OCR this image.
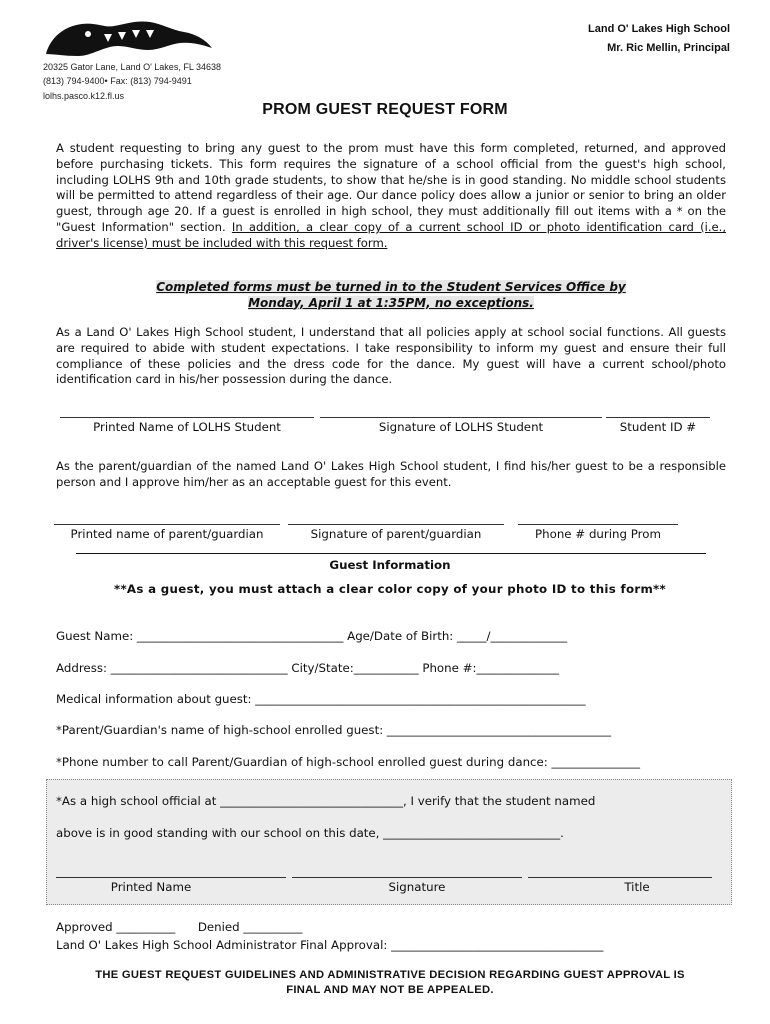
20325 Gator Lane, Land O' Lakes, FL 34638
(813) 794-9400• Fax: (813) 794-9491
lolhs.pasco.k12.fl.us
Land O' Lakes High School
Mr. Ric Mellin, Principal
PROM GUEST REQUEST FORM
A student requesting to bring any guest to the prom must have this form completed, returned, and approved before purchasing tickets. This form requires the signature of a school official from the guest's high school, including LOLHS 9th and 10th grade students, to show that he/she is in good standing. No middle school students will be permitted to attend regardless of their age. Our dance policy does allow a junior or senior to bring an older guest, through age 20. If a guest is enrolled in high school, they must additionally fill out items with a * on the "Guest Information" section. In addition, a clear copy of a current school ID or photo identification card (i.e., driver's license) must be included with this request form.
Completed forms must be turned in to the Student Services Office by
Monday, April 1 at 1:35PM, no exceptions.
As a Land O' Lakes High School student, I understand that all policies apply at school social functions. All guests are required to abide with student expectations. I take responsibility to inform my guest and ensure their full compliance of these policies and the dress code for the dance. My guest will have a current school/photo identification card in his/her possession during the dance.
Printed Name of LOLHS Student	Signature of LOLHS Student	Student ID #
As the parent/guardian of the named Land O' Lakes High School student, I find his/her guest to be a responsible person and I approve him/her as an acceptable guest for this event.
Printed name of parent/guardian	Signature of parent/guardian	Phone # during Prom
Guest Information
**As a guest, you must attach a clear color copy of your photo ID to this form**
Guest Name: ___________________________________ Age/Date of Birth: _____/_____________
Address: ______________________________ City/State:___________ Phone #:______________
Medical information about guest: ________________________________________________________
*Parent/Guardian's name of high-school enrolled guest: ______________________________________
*Phone number to call Parent/Guardian of high-school enrolled guest during dance: _______________
*As a high school official at _______________________________, I verify that the student named
above is in good standing with our school on this date, ______________________________.
Printed Name	Signature	Title
Approved __________      Denied __________
Land O' Lakes High School Administrator Final Approval: ____________________________________
THE GUEST REQUEST GUIDELINES AND ADMINISTRATIVE DECISION REGARDING GUEST APPROVAL IS
FINAL AND MAY NOT BE APPEALED.
